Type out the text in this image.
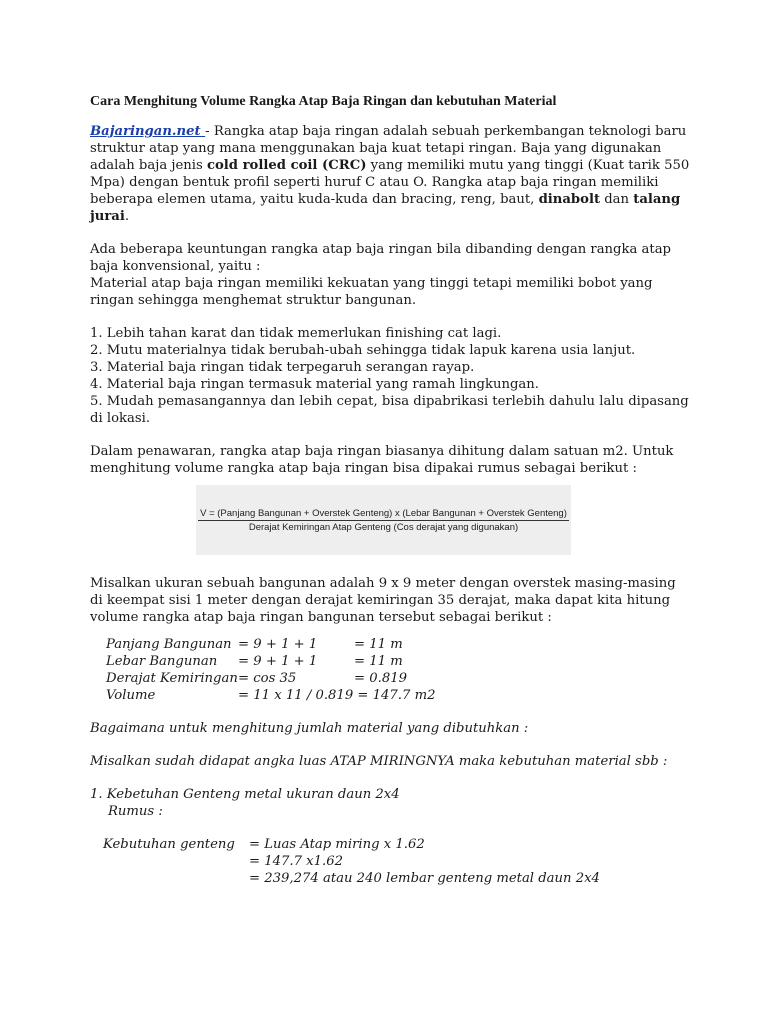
Cara Menghitung Volume Rangka Atap Baja Ringan dan kebutuhan Material

Bajaringan.net - Rangka atap baja ringan adalah sebuah perkembangan teknologi baru struktur atap yang mana menggunakan baja kuat tetapi ringan. Baja yang digunakan adalah baja jenis cold rolled coil (CRC) yang memiliki mutu yang tinggi (Kuat tarik 550 Mpa) dengan bentuk profil seperti huruf C atau O. Rangka atap baja ringan memiliki beberapa elemen utama, yaitu kuda-kuda dan bracing, reng, baut, dinabolt dan talang jurai.

Ada beberapa keuntungan rangka atap baja ringan bila dibanding dengan rangka atap baja konvensional, yaitu :

Material atap baja ringan memiliki kekuatan yang tinggi tetapi memiliki bobot yang ringan sehingga menghemat struktur bangunan.

1. Lebih tahan karat dan tidak memerlukan finishing cat lagi.

2. Mutu materialnya tidak berubah-ubah sehingga tidak lapuk karena usia lanjut.

3. Material baja ringan tidak terpegaruh serangan rayap.

4. Material baja ringan termasuk material yang ramah lingkungan.

5. Mudah pemasangannya dan lebih cepat, bisa dipabrikasi terlebih dahulu lalu dipasang di lokasi.

Dalam penawaran, rangka atap baja ringan biasanya dihitung dalam satuan m2. Untuk menghitung volume rangka atap baja ringan bisa dipakai rumus sebagai berikut :

V = (Panjang Bangunan + Overstek Genteng) x (Lebar Bangunan + Overstek Genteng)
Derajat Kemiringan Atap Genteng (Cos derajat yang digunakan)

Misalkan ukuran sebuah bangunan adalah 9 x 9 meter dengan overstek masing-masing di keempat sisi 1 meter dengan derajat kemiringan 35 derajat, maka dapat kita hitung volume rangka atap baja ringan bangunan tersebut sebagai berikut :

Panjang Bangunan = 9 + 1 + 1	= 11 m
Lebar Bangunan	= 9 + 1 + 1	= 11 m
Derajat Kemiringan = cos 35	= 0.819
Volume	= 11 x 11 / 0.819 = 147.7 m2

Bagaimana untuk menghitung jumlah material yang dibutuhkan :

Misalkan sudah didapat angka luas ATAP MIRINGNYA maka kebutuhan material sbb :

1. Kebetuhan Genteng metal ukuran daun 2x4

Rumus :

Kebutuhan genteng	= Luas Atap miring x 1.62
= 147.7 x1.62
= 239,274 atau 240 lembar genteng metal daun 2x4
